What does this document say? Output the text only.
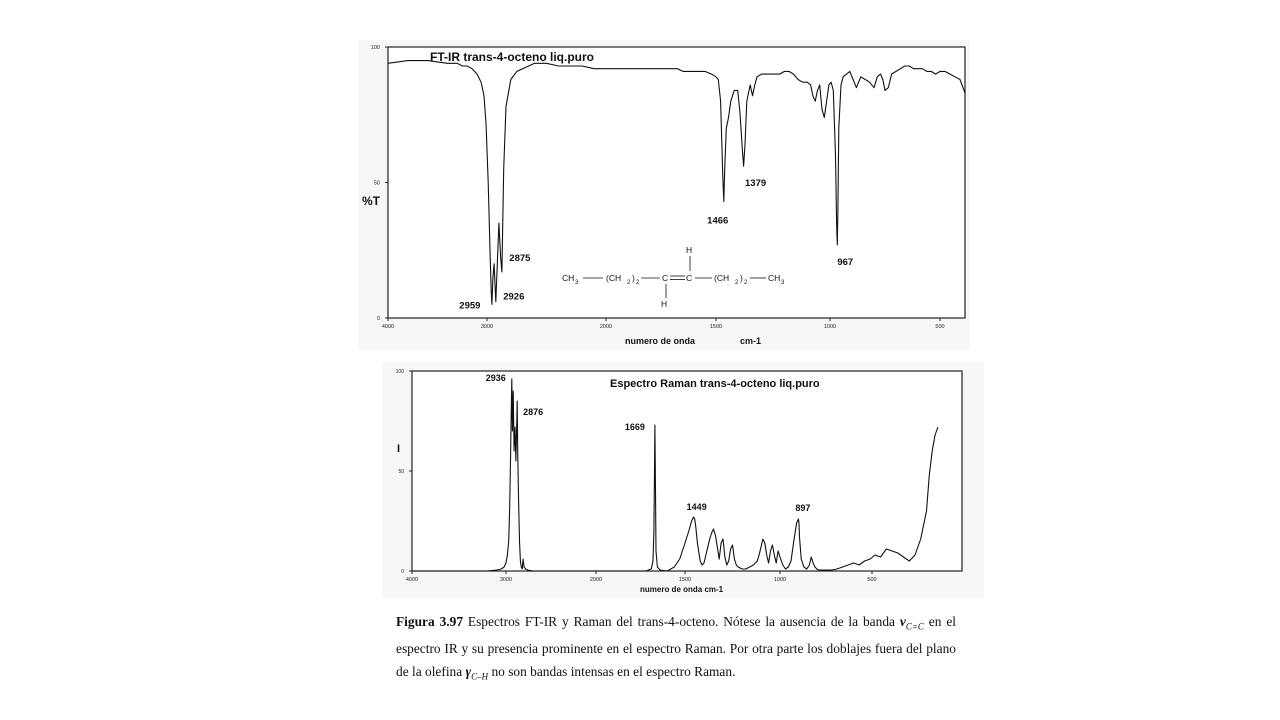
4000	3000	2000	1500	1000	500
100
50
0
FT-IR trans-4-octeno liq.puro
numero de onda	cm-1
%T
2959
2926
2875
1466
1379
967
CH 3	(CH 2 ) 2	C C
H
H
(CH 2 ) 2 CH 3
4000	3000	2000	1500	1000	500
100
50
0
Espectro Raman trans-4-octeno liq.puro
numero de onda cm-1
I
2936
2876
1669
1449	897
Figura 3.97 Espectros FT-IR y Raman del trans-4-octeno. Nótese la ausencia de la banda $\nu_{C=C}$ en el espectro IR y su presencia prominente en el espectro Raman. Por otra parte los doblajes fuera del plano de la olefina $\gamma_{C-H}$ no son bandas intensas en el espectro Raman.
